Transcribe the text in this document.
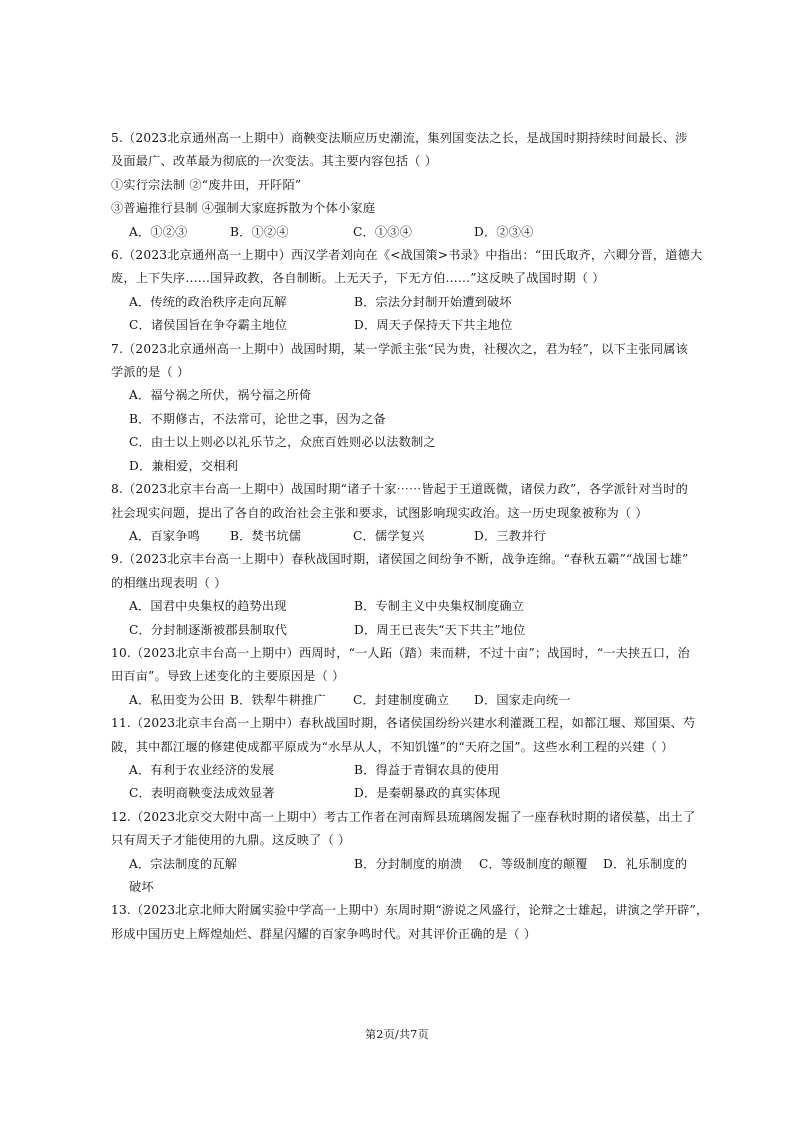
5.（2023北京通州高一上期中）商鞅变法顺应历史潮流，集列国变法之长，是战国时期持续时间最长、涉

及面最广、改革最为彻底的一次变法。其主要内容包括（ ）

①实行宗法制 ②“废井田，开阡陌”

③普遍推行县制 ④强制大家庭拆散为个体小家庭

A．①②③	B．①②④	C．①③④	D．②③④

6.（2023北京通州高一上期中）西汉学者刘向在《<战国策>书录》中指出：“田氏取齐，六卿分晋，道德大

废，上下失序……国异政教，各自制断。上无天子，下无方伯……”这反映了战国时期（ ）

A．传统的政治秩序走向瓦解	B．宗法分封制开始遭到破坏
C．诸侯国旨在争夺霸主地位	D．周天子保持天下共主地位

7.（2023北京通州高一上期中）战国时期，某一学派主张“民为贵，社稷次之，君为轻”，以下主张同属该

学派的是（ ）

A．福兮祸之所伏，祸兮福之所倚
B．不期修古，不法常可，论世之事，因为之备
C．由士以上则必以礼乐节之，众庶百姓则必以法数制之
D．兼相爱，交相利

8.（2023北京丰台高一上期中）战国时期“诸子十家⋯⋯皆起于王道既微，诸侯力政”，各学派针对当时的

社会现实问题，提出了各自的政治社会主张和要求，试图影响现实政治。这一历史现象被称为（ ）

A．百家争鸣 B．焚书坑儒	C．儒学复兴	D．三教并行

9.（2023北京丰台高一上期中）春秋战国时期，诸侯国之间纷争不断，战争连绵。“春秋五霸”“战国七雄”

的相继出现表明（ ）

A．国君中央集权的趋势出现	B．专制主义中央集权制度确立
C．分封制逐渐被郡县制取代	D．周王已丧失“天下共主”地位

10.（2023北京丰台高一上期中）西周时，“一人跖（踏）耒而耕，不过十亩”；战国时，“一夫挟五口，治

田百亩”。导致上述变化的主要原因是（ ）

A．私田变为公田 B．铁犁牛耕推广 C．封建制度确立 D．国家走向统一

11.（2023北京丰台高一上期中）春秋战国时期，各诸侯国纷纷兴建水利灌溉工程，如都江堰、郑国渠、芍

陂，其中都江堰的修建使成都平原成为“水旱从人，不知饥馑”的“天府之国”。这些水利工程的兴建（ ）

A．有利于农业经济的发展	B．得益于青铜农具的使用
C．表明商鞅变法成效显著	D．是秦朝暴政的真实体现

12.（2023北京交大附中高一上期中）考古工作者在河南辉县琉璃阁发掘了一座春秋时期的诸侯墓，出土了

只有周天子才能使用的九鼎。这反映了（ ）

A．宗法制度的瓦解	B．分封制度的崩溃 C．等级制度的颠覆 D．礼乐制度的
破坏

13.（2023北京北师大附属实验中学高一上期中）东周时期“游说之风盛行，论辩之士雄起，讲演之学开辟”，

形成中国历史上辉煌灿烂、群星闪耀的百家争鸣时代。对其评价正确的是（ ）

第2页/共7页
